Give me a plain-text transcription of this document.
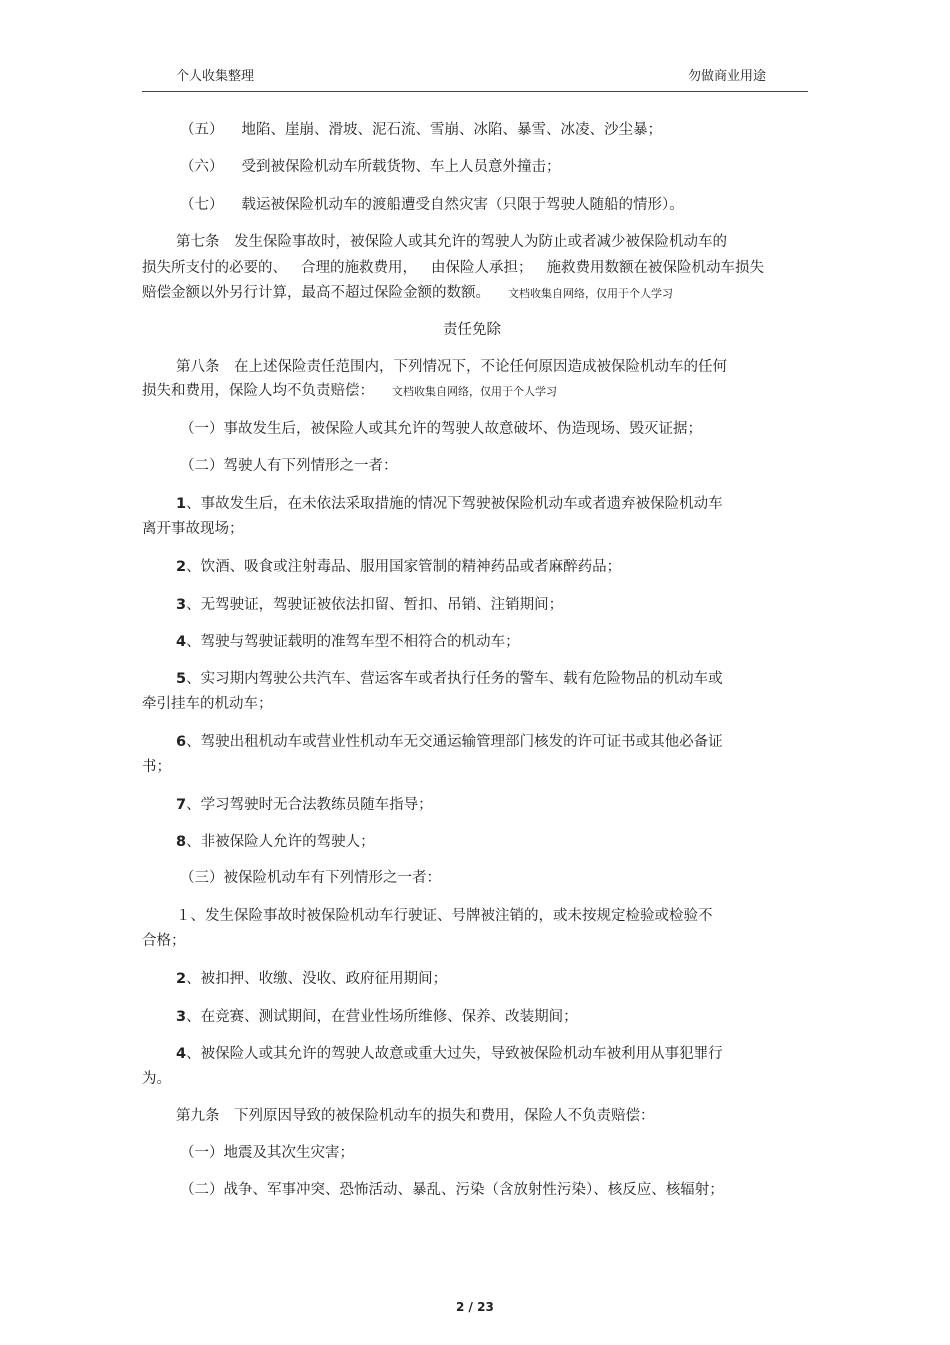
个人收集整理	勿做商业用途
（五） 地陷、崖崩、滑坡、泥石流、雪崩、冰陷、暴雪、冰凌、沙尘暴；
（六） 受到被保险机动车所载货物、车上人员意外撞击；
（七） 载运被保险机动车的渡船遭受自然灾害（只限于驾驶人随船的情形）。
第七条　发生保险事故时，被保险人或其允许的驾驶人为防止或者减少被保险机动车的
损失所支付的必要的、 合理的施救费用， 由保险人承担； 施救费用数额在被保险机动车损失
赔偿金额以外另行计算，最高不超过保险金额的数额。 文档收集自网络，仅用于个人学习
责任免除
第八条　在上述保险责任范围内，下列情况下，不论任何原因造成被保险机动车的任何
损失和费用，保险人均不负责赔偿： 文档收集自网络，仅用于个人学习
（一）事故发生后，被保险人或其允许的驾驶人故意破坏、伪造现场、毁灭证据；
（二）驾驶人有下列情形之一者：
1、事故发生后，在未依法采取措施的情况下驾驶被保险机动车或者遗弃被保险机动车
离开事故现场；
2、饮酒、吸食或注射毒品、服用国家管制的精神药品或者麻醉药品；
3、无驾驶证，驾驶证被依法扣留、暂扣、吊销、注销期间；
4、驾驶与驾驶证载明的准驾车型不相符合的机动车；
5、实习期内驾驶公共汽车、营运客车或者执行任务的警车、载有危险物品的机动车或
牵引挂车的机动车；
6、驾驶出租机动车或营业性机动车无交通运输管理部门核发的许可证书或其他必备证
书；
7、学习驾驶时无合法教练员随车指导；
8、非被保险人允许的驾驶人；
（三）被保险机动车有下列情形之一者：
１、发生保险事故时被保险机动车行驶证、号牌被注销的，或未按规定检验或检验不
合格；
2、被扣押、收缴、没收、政府征用期间；
3、在竞赛、测试期间，在营业性场所维修、保养、改装期间；
4、被保险人或其允许的驾驶人故意或重大过失，导致被保险机动车被利用从事犯罪行
为。
第九条　下列原因导致的被保险机动车的损失和费用，保险人不负责赔偿：
（一）地震及其次生灾害；
（二）战争、军事冲突、恐怖活动、暴乱、污染（含放射性污染）、核反应、核辐射；
2 / 23
